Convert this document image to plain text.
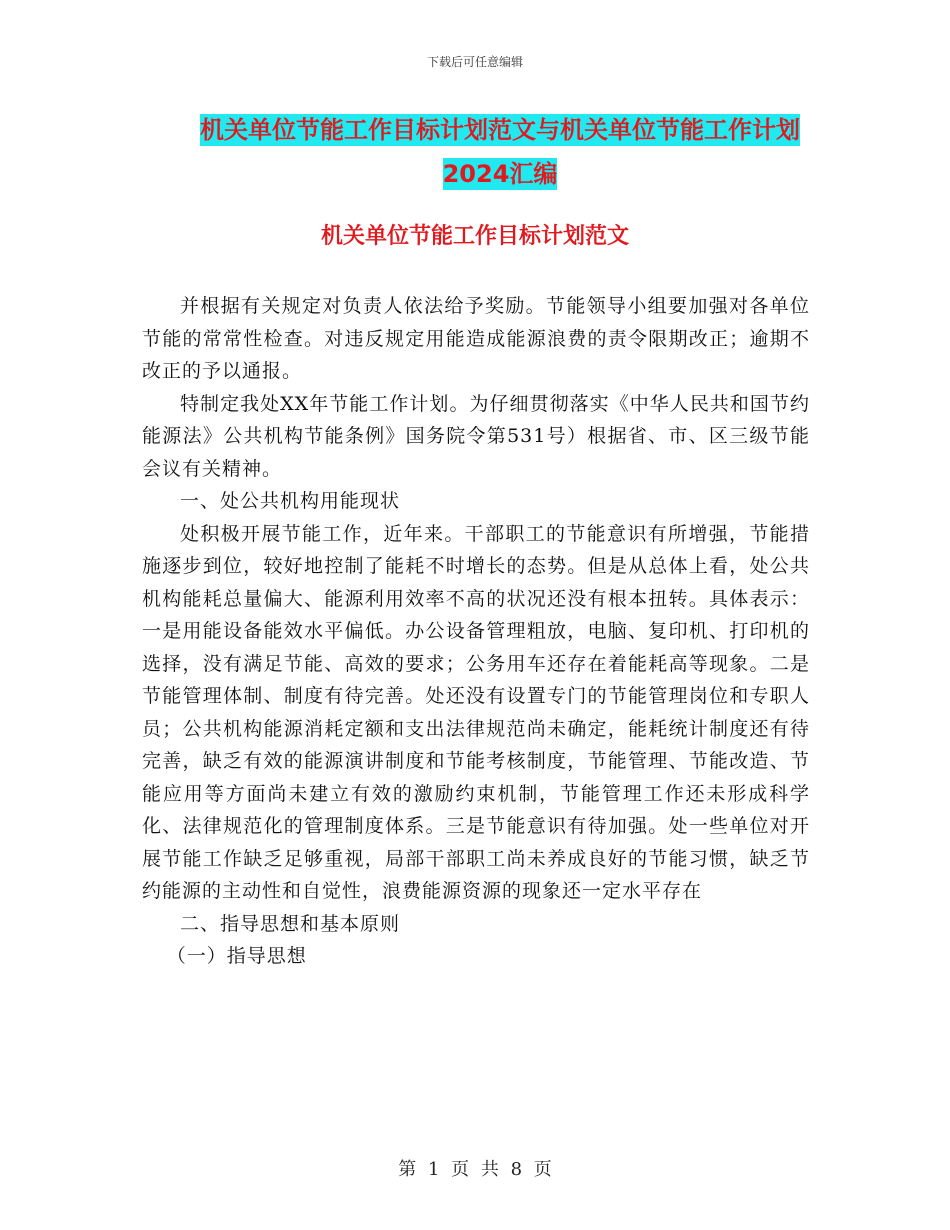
下载后可任意编辑
机关单位节能工作目标计划范文与机关单位节能工作计划2024汇编
机关单位节能工作目标计划范文

并根据有关规定对负责人依法给予奖励。节能领导小组要加强对各单位节能的常常性检查。对违反规定用能造成能源浪费的责令限期改正；逾期不改正的予以通报。

特制定我处XX年节能工作计划。为仔细贯彻落实《中华人民共和国节约能源法》公共机构节能条例》国务院令第531号）根据省、市、区三级节能会议有关精神。

一、处公共机构用能现状

处积极开展节能工作，近年来。干部职工的节能意识有所增强，节能措施逐步到位，较好地控制了能耗不时增长的态势。但是从总体上看，处公共机构能耗总量偏大、能源利用效率不高的状况还没有根本扭转。具体表示：一是用能设备能效水平偏低。办公设备管理粗放，电脑、复印机、打印机的选择，没有满足节能、高效的要求；公务用车还存在着能耗高等现象。二是节能管理体制、制度有待完善。处还没有设置专门的节能管理岗位和专职人员；公共机构能源消耗定额和支出法律规范尚未确定，能耗统计制度还有待完善，缺乏有效的能源演讲制度和节能考核制度，节能管理、节能改造、节能应用等方面尚未建立有效的激励约束机制，节能管理工作还未形成科学化、法律规范化的管理制度体系。三是节能意识有待加强。处一些单位对开展节能工作缺乏足够重视，局部干部职工尚未养成良好的节能习惯，缺乏节约能源的主动性和自觉性，浪费能源资源的现象还一定水平存在

二、指导思想和基本原则

（一）指导思想

第 1 页 共 8 页
